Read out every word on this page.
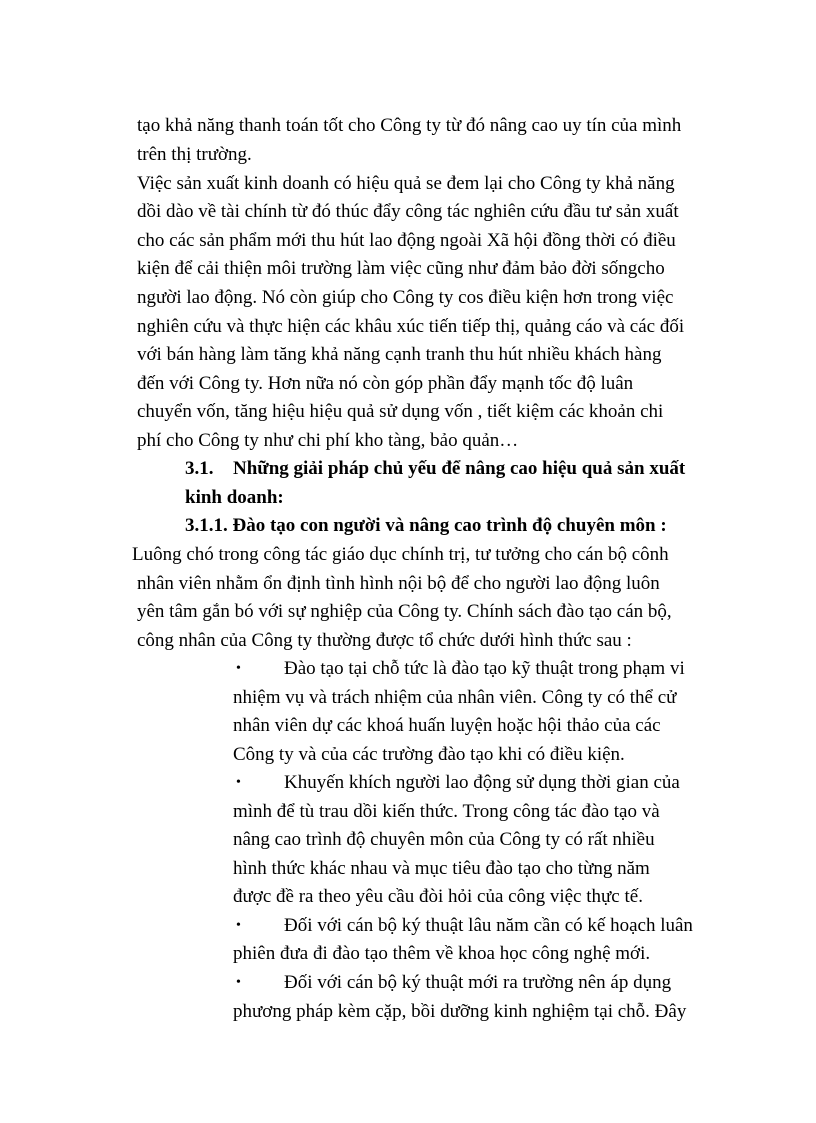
tạo khả năng thanh toán tốt cho Công ty từ đó nâng cao uy tín của mình
trên thị trường.
Việc sản xuất kinh doanh có hiệu quả se đem lại cho Công ty khả năng
dồi dào về tài chính từ đó thúc đẩy công tác nghiên cứu đầu tư sản xuất
cho các sản phẩm mới thu hút lao động ngoài Xã hội đồng thời có điều
kiện để cải thiện môi trường làm việc cũng như đảm bảo đời sốngcho
người lao động. Nó còn giúp cho Công ty cos điều kiện hơn trong việc
nghiên cứu và thực hiện các khâu xúc tiến tiếp thị, quảng cáo và các đối
với bán hàng làm tăng khả năng cạnh tranh thu hút nhiều khách hàng
đến với Công ty. Hơn nữa nó còn góp phần đẩy mạnh tốc độ luân
chuyển vốn, tăng hiệu hiệu quả sử dụng vốn , tiết kiệm các khoản chi
phí cho Công ty như chi phí kho tàng, bảo quản…
3.1. Những giải pháp chủ yếu để nâng cao hiệu quả sản xuất
kinh doanh:
3.1.1. Đào tạo con người và nâng cao trình độ chuyên môn :
Luông chó trong công tác giáo dục chính trị, tư tưởng cho cán bộ cônh
nhân viên nhằm ổn định tình hình nội bộ để cho người lao động luôn
yên tâm gắn bó với sự nghiệp của Công ty. Chính sách đào tạo cán bộ,
công nhân của Công ty thường được tổ chức dưới hình thức sau :
• Đào tạo tại chỗ tức là đào tạo kỹ thuật trong phạm vi
nhiệm vụ và trách nhiệm của nhân viên. Công ty có thể cử
nhân viên dự các khoá huấn luyện hoặc hội thảo của các
Công ty và của các trường đào tạo khi có điều kiện.
• Khuyến khích người lao động sử dụng thời gian của
mình để tù trau dồi kiến thức. Trong công tác đào tạo và
nâng cao trình độ chuyên môn của Công ty có rất nhiều
hình thức khác nhau và mục tiêu đào tạo cho từng năm
được đề ra theo yêu cầu đòi hỏi của công việc thực tế.
• Đối với cán bộ ký thuật lâu năm cần có kế hoạch luân
phiên đưa đi đào tạo thêm về khoa học công nghệ mới.
• Đối với cán bộ ký thuật mới ra trường nên áp dụng
phương pháp kèm cặp, bồi dưỡng kinh nghiệm tại chỗ. Đây
